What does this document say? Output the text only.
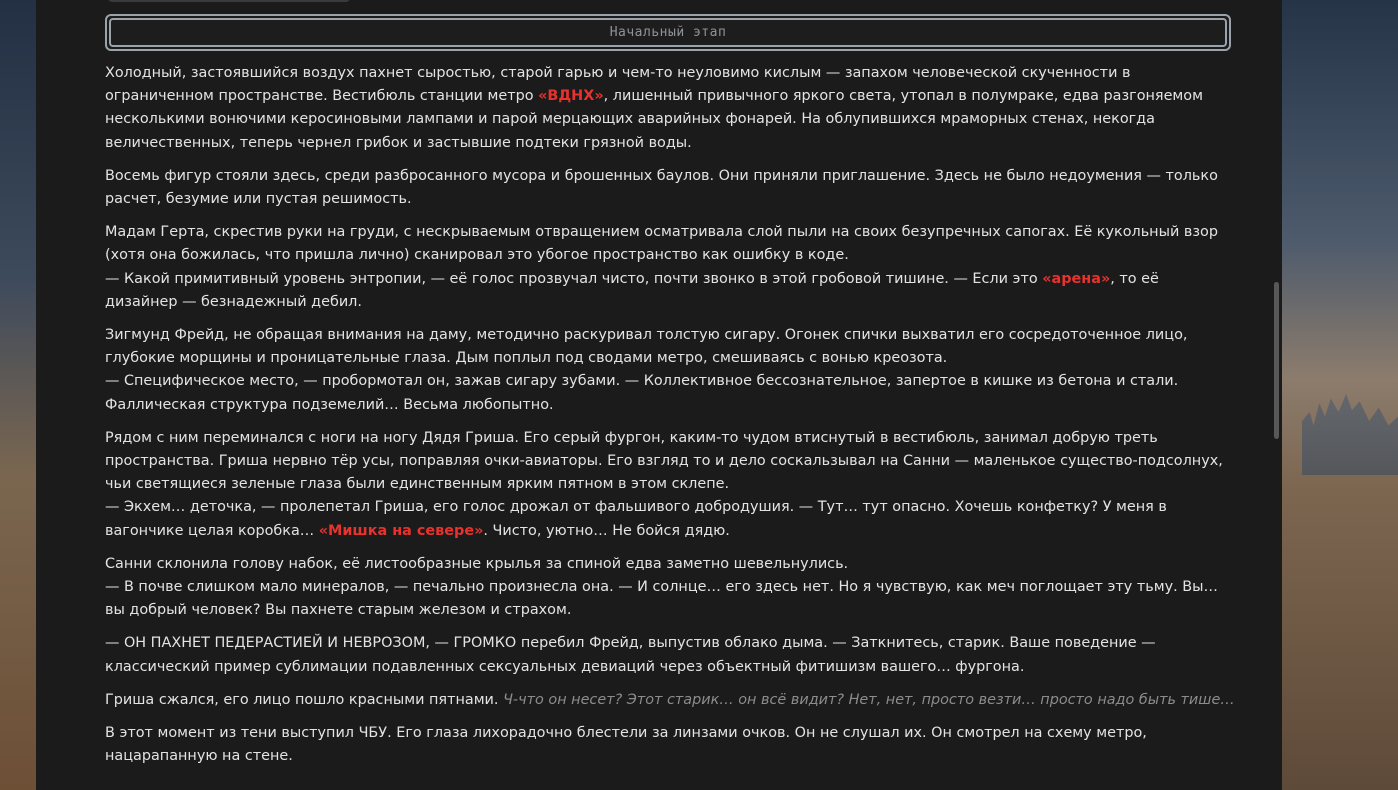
Начальный этап

Холодный, застоявшийся воздух пахнет сыростью, старой гарью и чем-то неуловимо кислым — запахом человеческой скученности в ограниченном пространстве. Вестибюль станции метро «ВДНХ», лишенный привычного яркого света, утопал в полумраке, едва разгоняемом несколькими вонючими керосиновыми лампами и парой мерцающих аварийных фонарей. На облупившихся мраморных стенах, некогда величественных, теперь чернел грибок и застывшие подтеки грязной воды.

Восемь фигур стояли здесь, среди разбросанного мусора и брошенных баулов. Они приняли приглашение. Здесь не было недоумения — только расчет, безумие или пустая решимость.

Мадам Герта, скрестив руки на груди, с нескрываемым отвращением осматривала слой пыли на своих безупречных сапогах. Её кукольный взор (хотя она божилась, что пришла лично) сканировал это убогое пространство как ошибку в коде.
— Какой примитивный уровень энтропии, — её голос прозвучал чисто, почти звонко в этой гробовой тишине. — Если это «арена», то её дизайнер — безнадежный дебил.

Зигмунд Фрейд, не обращая внимания на даму, методично раскуривал толстую сигару. Огонек спички выхватил его сосредоточенное лицо, глубокие морщины и проницательные глаза. Дым поплыл под сводами метро, смешиваясь с вонью креозота.
— Специфическое место, — пробормотал он, зажав сигару зубами. — Коллективное бессознательное, запертое в кишке из бетона и стали. Фаллическая структура подземелий… Весьма любопытно.

Рядом с ним переминался с ноги на ногу Дядя Гриша. Его серый фургон, каким-то чудом втиснутый в вестибюль, занимал добрую треть пространства. Гриша нервно тёр усы, поправляя очки-авиаторы. Его взгляд то и дело соскальзывал на Санни — маленькое существо-подсолнух, чьи светящиеся зеленые глаза были единственным ярким пятном в этом склепе.
— Экхем… деточка, — пролепетал Гриша, его голос дрожал от фальшивого добродушия. — Тут… тут опасно. Хочешь конфетку? У меня в вагончике целая коробка… «Мишка на севере». Чисто, уютно… Не бойся дядю.

Санни склонила голову набок, её листообразные крылья за спиной едва заметно шевельнулись.
— В почве слишком мало минералов, — печально произнесла она. — И солнце… его здесь нет. Но я чувствую, как меч поглощает эту тьму. Вы… вы добрый человек? Вы пахнете старым железом и страхом.

— ОН ПАХНЕТ ПЕДЕРАСТИЕЙ И НЕВРОЗОМ, — ГРОМКО перебил Фрейд, выпустив облако дыма. — Заткнитесь, старик. Ваше поведение — классический пример сублимации подавленных сексуальных девиаций через объектный фитишизм вашего… фургона.

Гриша сжался, его лицо пошло красными пятнами. Ч-что он несет? Этот старик… он всё видит? Нет, нет, просто везти… просто надо быть тише…

В этот момент из тени выступил ЧБУ. Его глаза лихорадочно блестели за линзами очков. Он не слушал их. Он смотрел на схему метро, нацарапанную на стене.
